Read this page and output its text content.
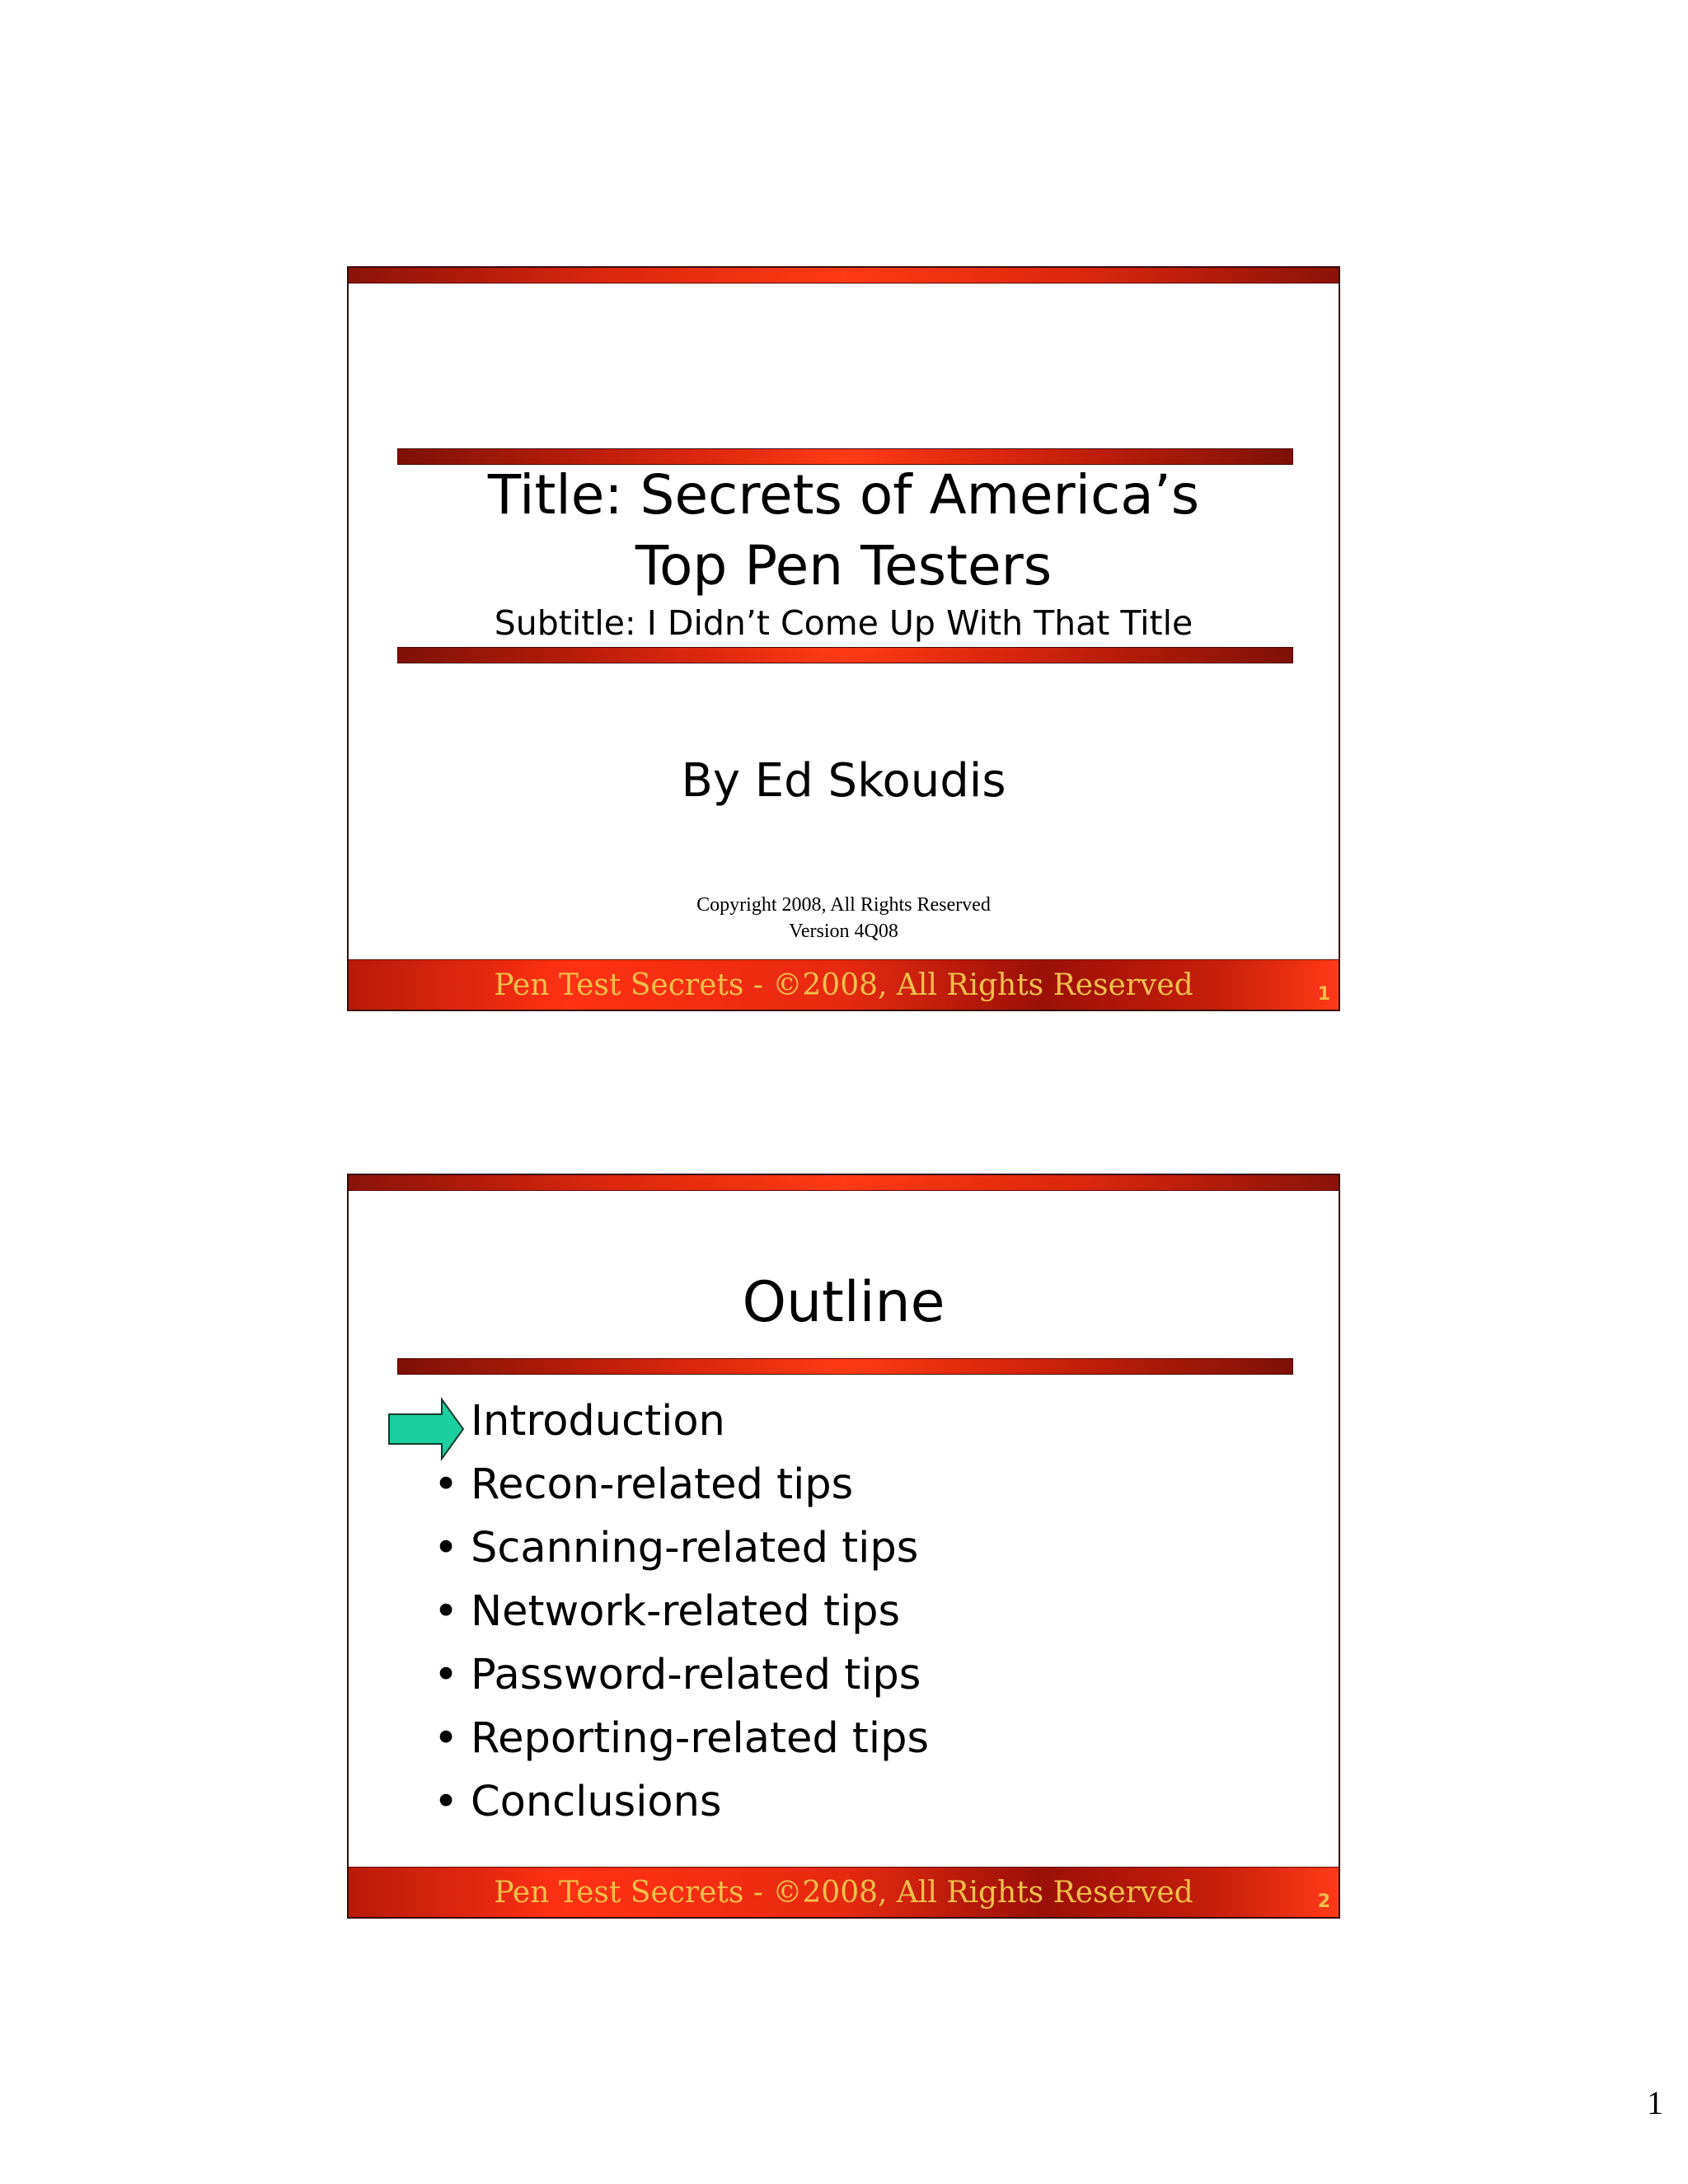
Title: Secrets of America’s
Top Pen Testers
Subtitle: I Didn’t Come Up With That Title
By Ed Skoudis
Copyright 2008, All Rights Reserved
Version 4Q08
Pen Test Secrets - ©2008, All Rights Reserved	1
Outline
Introduction
• Recon-related tips
• Scanning-related tips
• Network-related tips
• Password-related tips
• Reporting-related tips
• Conclusions
Pen Test Secrets - ©2008, All Rights Reserved	2
1
